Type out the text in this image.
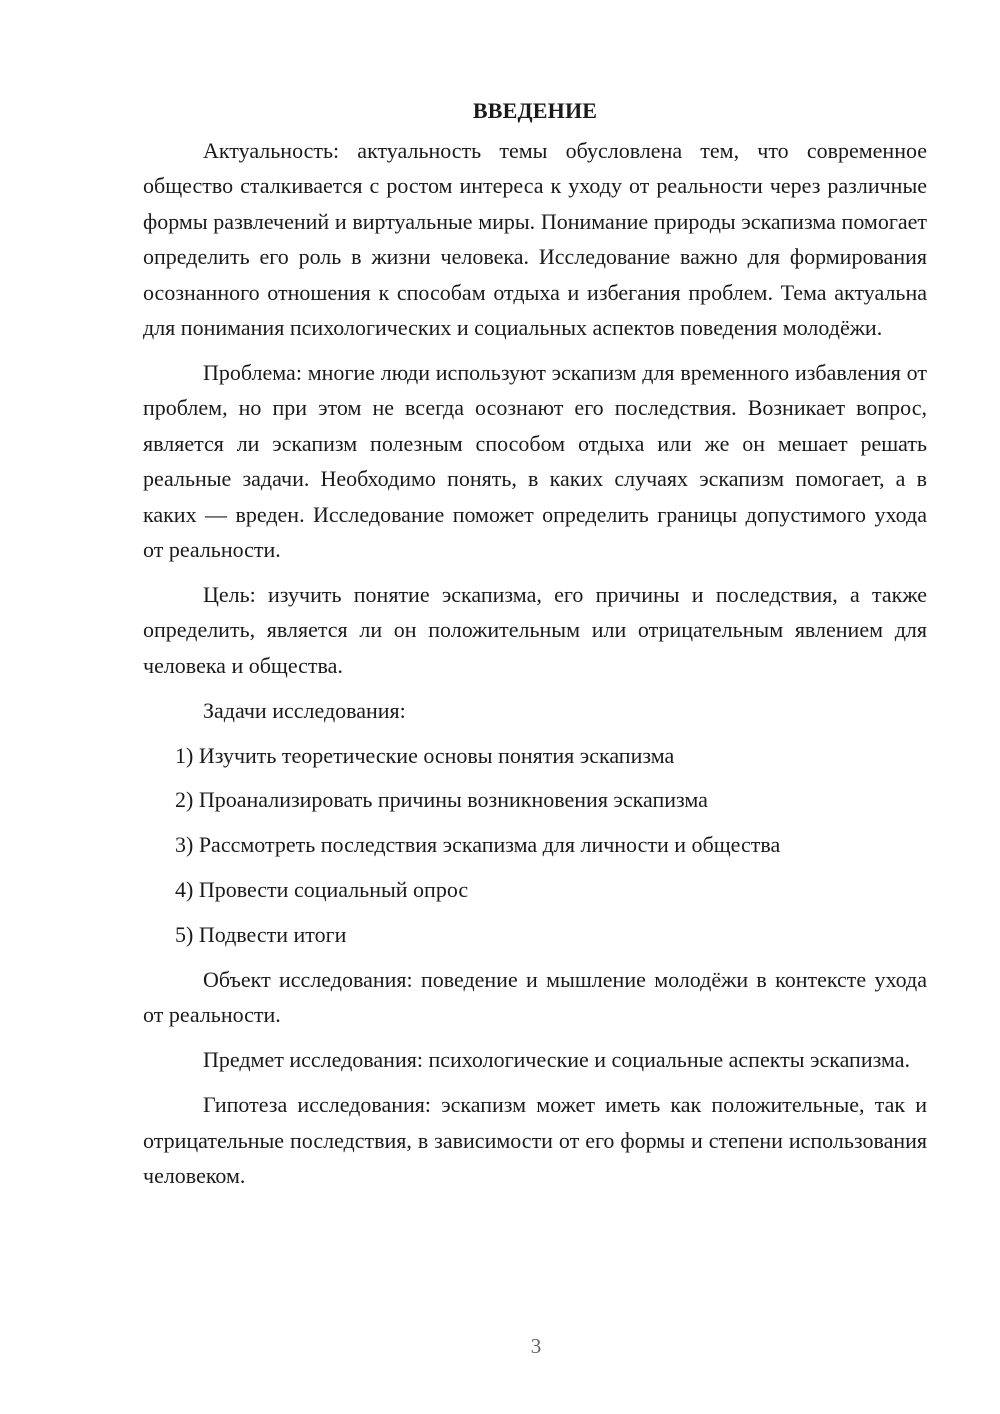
ВВЕДЕНИЕ

Актуальность: актуальность темы обусловлена тем, что современное общество сталкивается с ростом интереса к уходу от реальности через различные формы развлечений и виртуальные миры. Понимание природы эскапизма помогает определить его роль в жизни человека. Исследование важно для формирования осознанного отношения к способам отдыха и избегания проблем. Тема актуальна для понимания психологических и социальных аспектов поведения молодёжи.

Проблема: многие люди используют эскапизм для временного избавления от проблем, но при этом не всегда осознают его последствия. Возникает вопрос, является ли эскапизм полезным способом отдыха или же он мешает решать реальные задачи. Необходимо понять, в каких случаях эскапизм помогает, а в каких — вреден. Исследование поможет определить границы допустимого ухода от реальности.

Цель: изучить понятие эскапизма, его причины и последствия, а также определить, является ли он положительным или отрицательным явлением для человека и общества.

Задачи исследования:

1) Изучить теоретические основы понятия эскапизма
2) Проанализировать причины возникновения эскапизма
3) Рассмотреть последствия эскапизма для личности и общества
4) Провести социальный опрос
5) Подвести итоги

Объект исследования: поведение и мышление молодёжи в контексте ухода от реальности.

Предмет исследования: психологические и социальные аспекты эскапизма.

Гипотеза исследования: эскапизм может иметь как положительные, так и отрицательные последствия, в зависимости от его формы и степени использования человеком.

3
